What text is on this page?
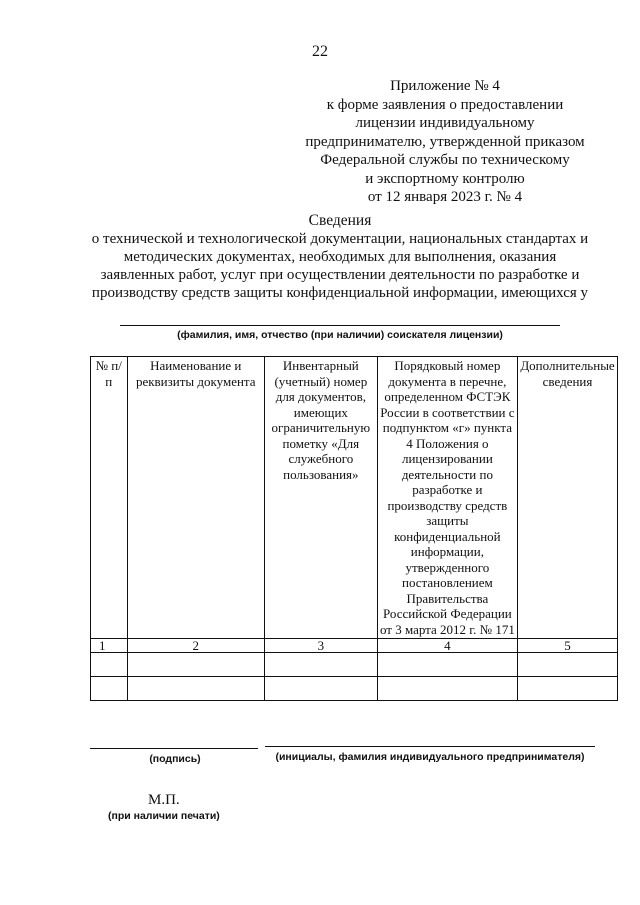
22
Приложение № 4
к форме заявления о предоставлении
лицензии индивидуальному
предпринимателю, утвержденной приказом
Федеральной службы по техническому
и экспортному контролю
от 12 января 2023 г. № 4
Сведения
о технической и технологической документации, национальных стандартах и
методических документах, необходимых для выполнения, оказания
заявленных работ, услуг при осуществлении деятельности по разработке и
производству средств защиты конфиденциальной информации, имеющихся у
(фамилия, имя, отчество (при наличии) соискателя лицензии)
№ п/п	Наименование и реквизиты документа	Инвентарный (учетный) номер для документов, имеющих ограничительную пометку «Для служебного пользования»	Порядковый номер документа в перечне, определенном ФСТЭК России в соответствии с подпунктом «г» пункта 4 Положения о лицензировании деятельности по разработке и производству средств защиты конфиденциальной информации, утвержденного постановлением Правительства Российской Федерации от 3 марта 2012 г. № 171	Дополнительные сведения
1	2	3	4	5

(подпись)	(инициалы, фамилия индивидуального предпринимателя)
М.П.
(при наличии печати)
